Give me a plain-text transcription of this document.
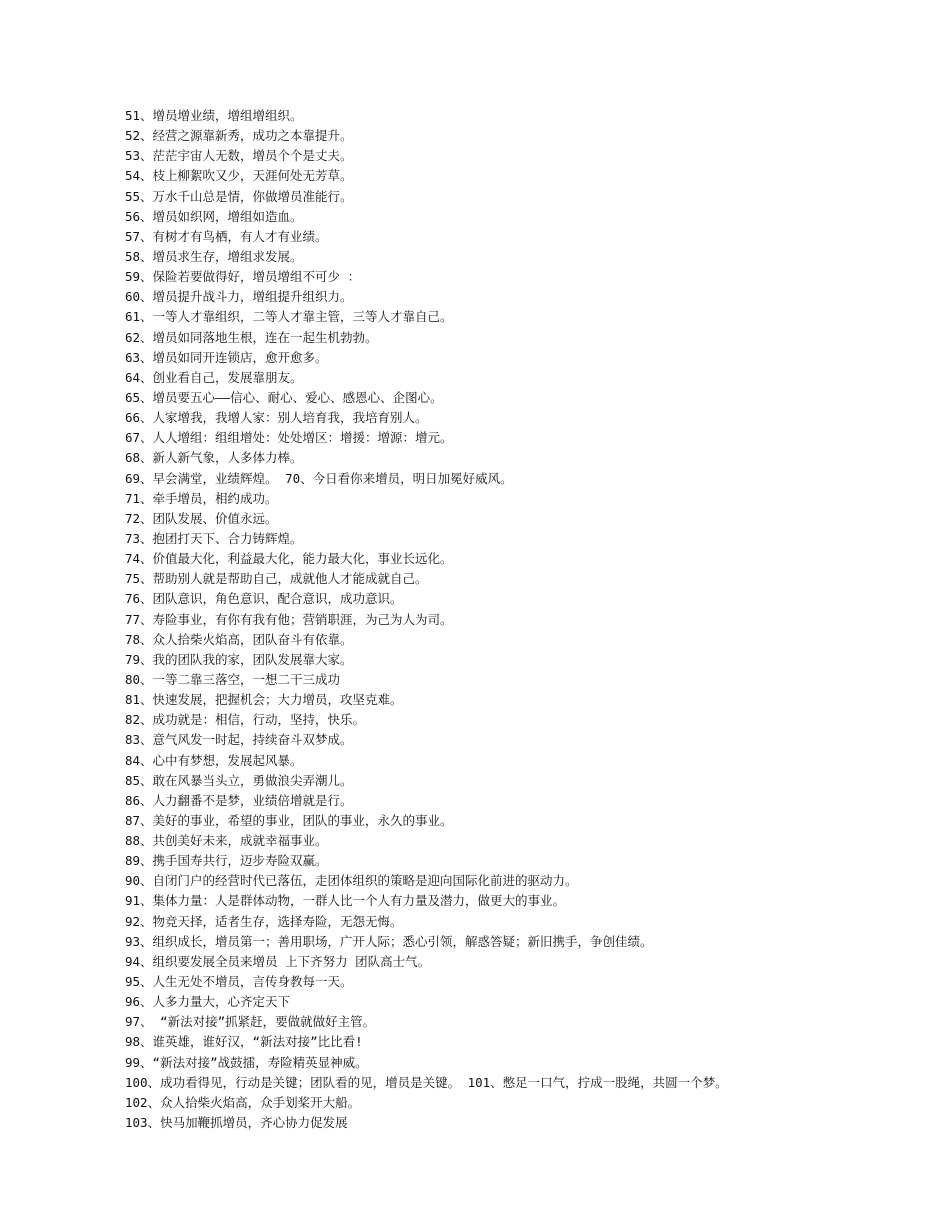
51、增员增业绩，增组增组织。
52、经营之源靠新秀，成功之本靠提升。
53、茫茫宇宙人无数，增员个个是丈夫。
54、枝上柳絮吹又少，天涯何处无芳草。
55、万水千山总是情，你做增员准能行。
56、增员如织网，增组如造血。
57、有树才有鸟栖，有人才有业绩。
58、增员求生存，增组求发展。
59、保险若要做得好，增员增组不可少 ：
60、增员提升战斗力，增组提升组织力。
61、一等人才靠组织，二等人才靠主管，三等人才靠自己。
62、增员如同落地生根，连在一起生机勃勃。
63、增员如同开连锁店，愈开愈多。
64、创业看自己，发展靠朋友。
65、增员要五心——信心、耐心、爱心、感恩心、企图心。
66、人家增我，我增人家：别人培育我，我培育别人。
67、人人增组：组组增处：处处增区：增援：增源：增元。
68、新人新气象，人多体力棒。
69、早会满堂，业绩辉煌。 70、今日看你来增员，明日加冕好威风。
71、牵手增员，相约成功。
72、团队发展、价值永远。
73、抱团打天下、合力铸辉煌。
74、价值最大化，利益最大化，能力最大化，事业长远化。
75、帮助别人就是帮助自己，成就他人才能成就自己。
76、团队意识，角色意识，配合意识，成功意识。
77、寿险事业，有你有我有他；营销职涯，为己为人为司。
78、众人拾柴火焰高，团队奋斗有依靠。
79、我的团队我的家，团队发展靠大家。
80、一等二靠三落空，一想二干三成功
81、快速发展，把握机会；大力增员，攻坚克难。
82、成功就是：相信，行动，坚持，快乐。
83、意气风发一时起，持续奋斗双梦成。
84、心中有梦想，发展起风暴。
85、敢在风暴当头立，勇做浪尖弄潮儿。
86、人力翻番不是梦，业绩倍增就是行。
87、美好的事业，希望的事业，团队的事业，永久的事业。
88、共创美好未来，成就幸福事业。
89、携手国寿共行，迈步寿险双赢。
90、自闭门户的经营时代已落伍，走团体组织的策略是迎向国际化前进的驱动力。
91、集体力量：人是群体动物，一群人比一个人有力量及潜力，做更大的事业。
92、物竞天择，适者生存，选择寿险，无怨无悔。
93、组织成长，增员第一；善用职场，广开人际；悉心引领，解惑答疑；新旧携手，争创佳绩。
94、组织要发展全员来增员 上下齐努力 团队高士气。
95、人生无处不增员，言传身教每一天。
96、人多力量大，心齐定天下
97、 “新法对接”抓紧赶，要做就做好主管。
98、谁英雄，谁好汉，“新法对接”比比看!
99、“新法对接”战鼓擂，寿险精英显神威。
100、成功看得见，行动是关键；团队看的见，增员是关键。 101、憋足一口气，拧成一股绳，共圆一个梦。
102、众人拾柴火焰高，众手划桨开大船。
103、快马加鞭抓增员，齐心协力促发展
